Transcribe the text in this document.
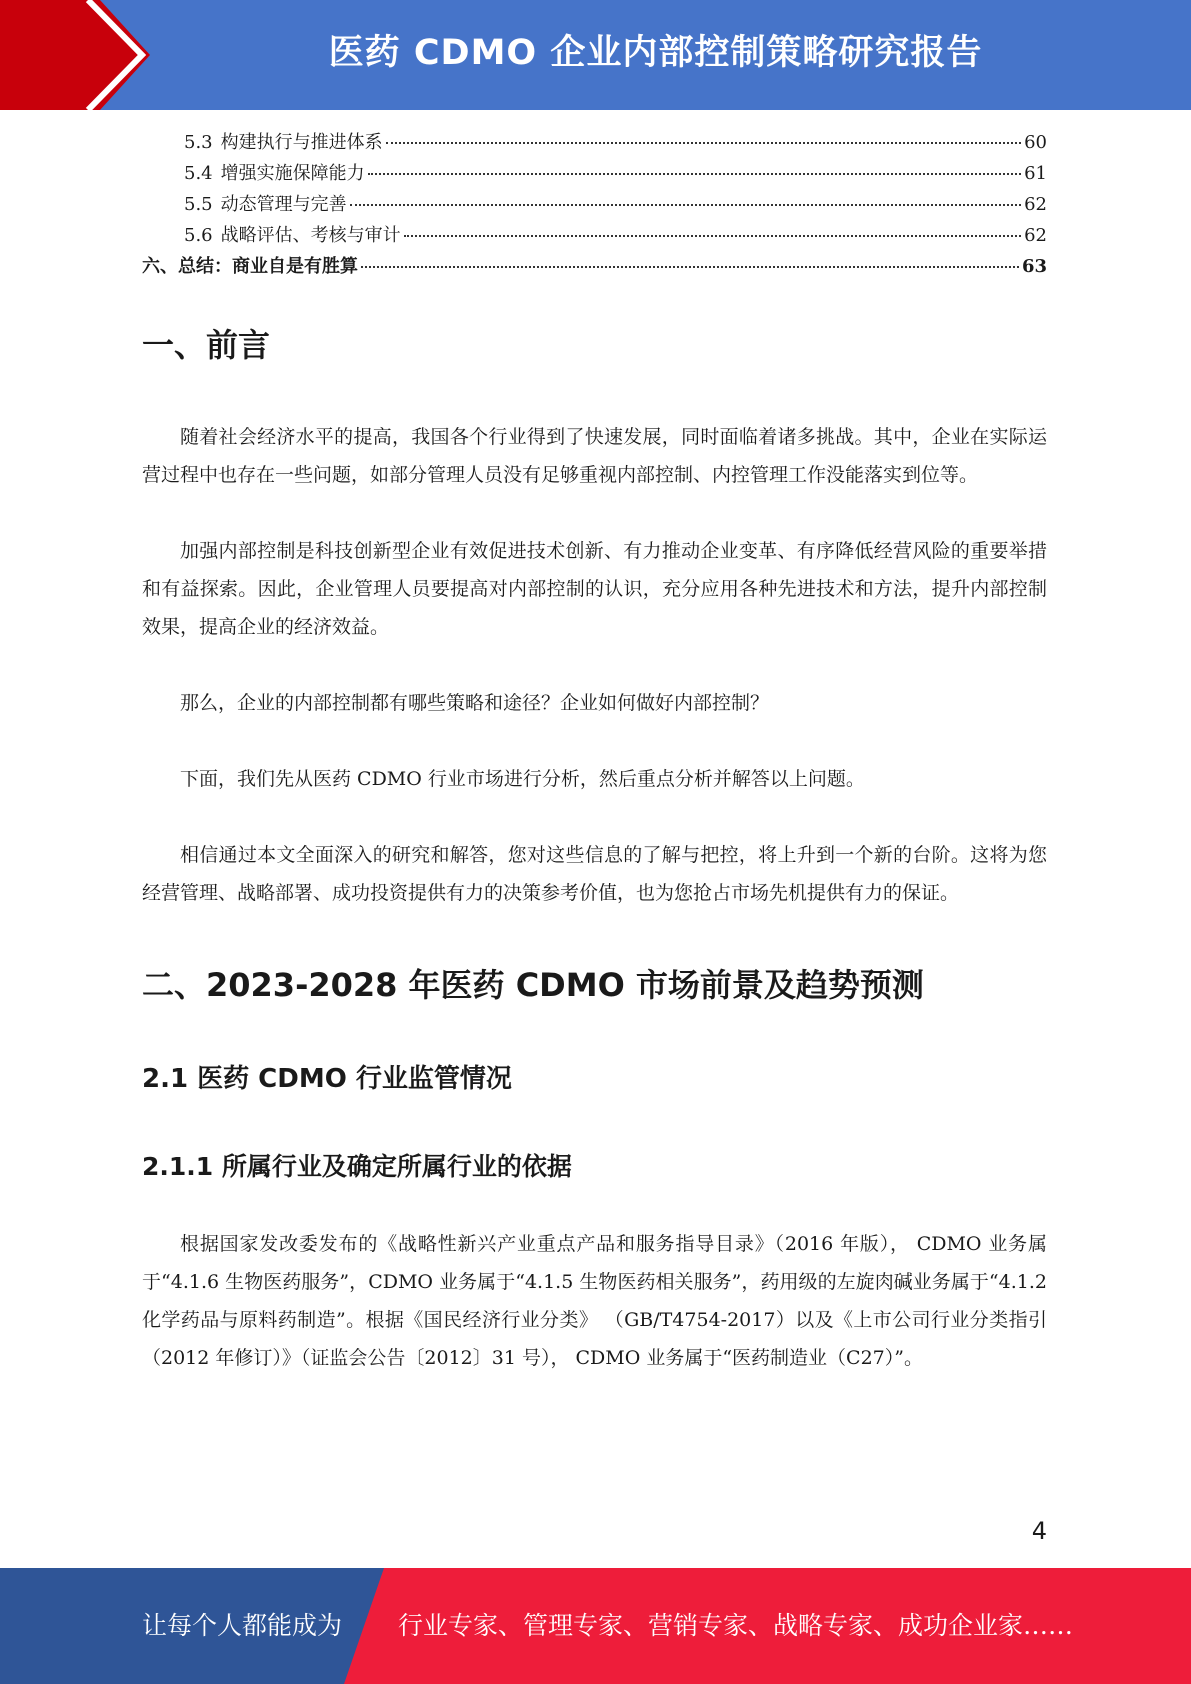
医药 CDMO 企业内部控制策略研究报告
5.3 构建执行与推进体系	60
5.4 增强实施保障能力	61
5.5 动态管理与完善	62
5.6 战略评估、考核与审计	62
六、总结：商业自是有胜算	63
一、前言

随着社会经济水平的提高，我国各个行业得到了快速发展，同时面临着诸多挑战。其中，企业在实际运营过程中也存在一些问题，如部分管理人员没有足够重视内部控制、内控管理工作没能落实到位等。

加强内部控制是科技创新型企业有效促进技术创新、有力推动企业变革、有序降低经营风险的重要举措和有益探索。因此，企业管理人员要提高对内部控制的认识，充分应用各种先进技术和方法，提升内部控制效果，提高企业的经济效益。

那么，企业的内部控制都有哪些策略和途径？企业如何做好内部控制？

下面，我们先从医药 CDMO 行业市场进行分析，然后重点分析并解答以上问题。

相信通过本文全面深入的研究和解答，您对这些信息的了解与把控，将上升到一个新的台阶。这将为您经营管理、战略部署、成功投资提供有力的决策参考价值，也为您抢占市场先机提供有力的保证。

二、2023-2028 年医药 CDMO 市场前景及趋势预测
2.1 医药 CDMO 行业监管情况
2.1.1 所属行业及确定所属行业的依据

根据国家发改委发布的《战略性新兴产业重点产品和服务指导目录》（2016 年版）， CDMO 业务属于“4.1.6 生物医药服务”，CDMO 业务属于“4.1.5 生物医药相关服务”，药用级的左旋肉碱业务属于“4.1.2 化学药品与原料药制造”。根据《国民经济行业分类》 （GB/T4754-2017）以及《上市公司行业分类指引（2012 年修订）》（证监会公告〔2012〕31 号）， CDMO 业务属于“医药制造业（C27）”。

4
让每个人都能成为 行业专家、管理专家、营销专家、战略专家、成功企业家……
